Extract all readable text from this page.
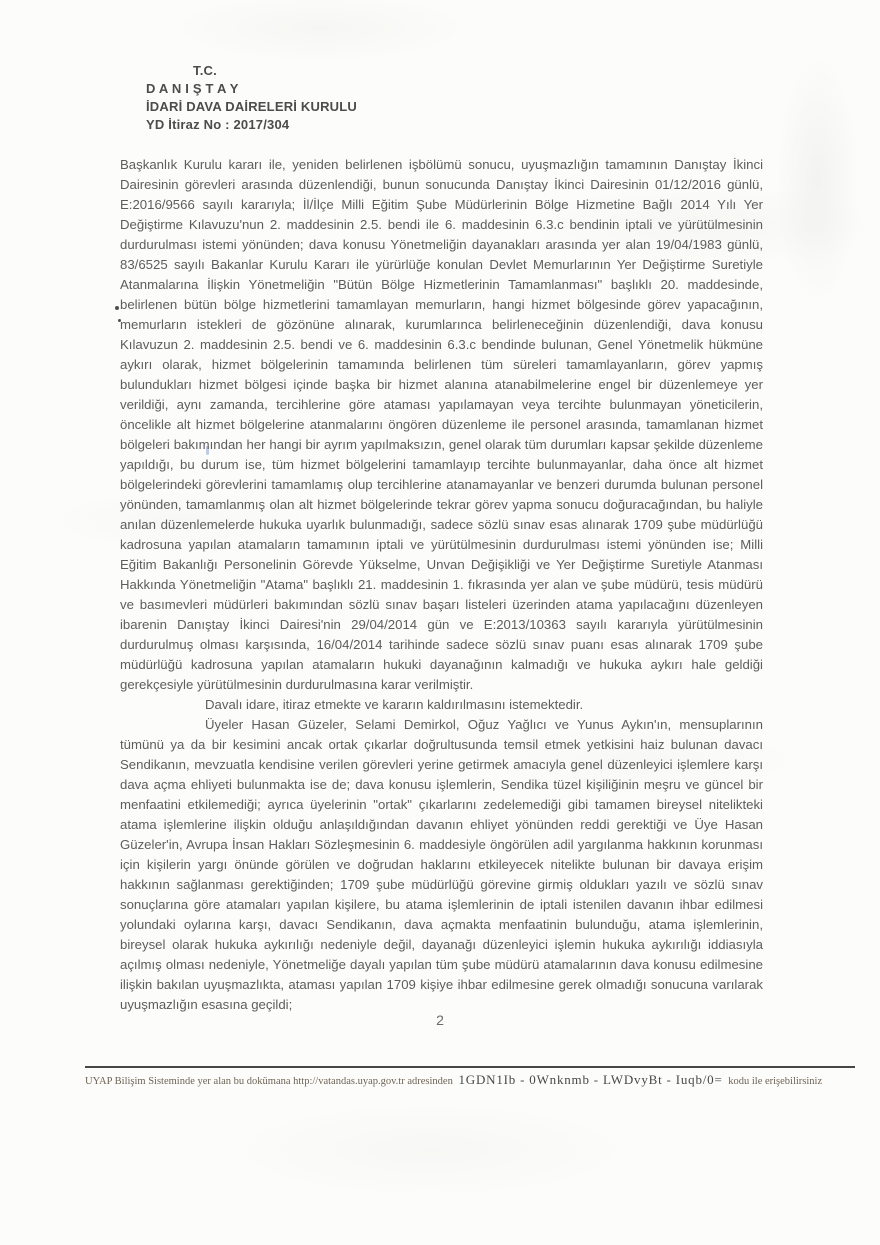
T.C.
D A N I Ş T A Y
İDARİ DAVA DAİRELERİ KURULU
YD İtiraz No : 2017/304

Başkanlık Kurulu kararı ile, yeniden belirlenen işbölümü sonucu, uyuşmazlığın tamamının Danıştay İkinci Dairesinin görevleri arasında düzenlendiği, bunun sonucunda Danıştay İkinci Dairesinin 01/12/2016 günlü, E:2016/9566 sayılı kararıyla; İl/İlçe Milli Eğitim Şube Müdürlerinin Bölge Hizmetine Bağlı 2014 Yılı Yer Değiştirme Kılavuzu'nun 2. maddesinin 2.5. bendi ile 6. maddesinin 6.3.c bendinin iptali ve yürütülmesinin durdurulması istemi yönünden; dava konusu Yönetmeliğin dayanakları arasında yer alan 19/04/1983 günlü, 83/6525 sayılı Bakanlar Kurulu Kararı ile yürürlüğe konulan Devlet Memurlarının Yer Değiştirme Suretiyle Atanmalarına İlişkin Yönetmeliğin "Bütün Bölge Hizmetlerinin Tamamlanması" başlıklı 20. maddesinde, belirlenen bütün bölge hizmetlerini tamamlayan memurların, hangi hizmet bölgesinde görev yapacağının, memurların istekleri de gözönüne alınarak, kurumlarınca belirleneceğinin düzenlendiği, dava konusu Kılavuzun 2. maddesinin 2.5. bendi ve 6. maddesinin 6.3.c bendinde bulunan, Genel Yönetmelik hükmüne aykırı olarak, hizmet bölgelerinin tamamında belirlenen tüm süreleri tamamlayanların, görev yapmış bulundukları hizmet bölgesi içinde başka bir hizmet alanına atanabilmelerine engel bir düzenlemeye yer verildiği, aynı zamanda, tercihlerine göre ataması yapılamayan veya tercihte bulunmayan yöneticilerin, öncelikle alt hizmet bölgelerine atanmalarını öngören düzenleme ile personel arasında, tamamlanan hizmet bölgeleri bakımından her hangi bir ayrım yapılmaksızın, genel olarak tüm durumları kapsar şekilde düzenleme yapıldığı, bu durum ise, tüm hizmet bölgelerini tamamlayıp tercihte bulunmayanlar, daha önce alt hizmet bölgelerindeki görevlerini tamamlamış olup tercihlerine atanamayanlar ve benzeri durumda bulunan personel yönünden, tamamlanmış olan alt hizmet bölgelerinde tekrar görev yapma sonucu doğuracağından, bu haliyle anılan düzenlemelerde hukuka uyarlık bulunmadığı, sadece sözlü sınav esas alınarak 1709 şube müdürlüğü kadrosuna yapılan atamaların tamamının iptali ve yürütülmesinin durdurulması istemi yönünden ise; Milli Eğitim Bakanlığı Personelinin Görevde Yükselme, Unvan Değişikliği ve Yer Değiştirme Suretiyle Atanması Hakkında Yönetmeliğin "Atama" başlıklı 21. maddesinin 1. fıkrasında yer alan ve şube müdürü, tesis müdürü ve basımevleri müdürleri bakımından sözlü sınav başarı listeleri üzerinden atama yapılacağını düzenleyen ibarenin Danıştay İkinci Dairesi'nin 29/04/2014 gün ve E:2013/10363 sayılı kararıyla yürütülmesinin durdurulmuş olması karşısında, 16/04/2014 tarihinde sadece sözlü sınav puanı esas alınarak 1709 şube müdürlüğü kadrosuna yapılan atamaların hukuki dayanağının kalmadığı ve hukuka aykırı hale geldiği gerekçesiyle yürütülmesinin durdurulmasına karar verilmiştir.

Davalı idare, itiraz etmekte ve kararın kaldırılmasını istemektedir.

Üyeler Hasan Güzeler, Selami Demirkol, Oğuz Yağlıcı ve Yunus Aykın'ın, mensuplarının tümünü ya da bir kesimini ancak ortak çıkarlar doğrultusunda temsil etmek yetkisini haiz bulunan davacı Sendikanın, mevzuatla kendisine verilen görevleri yerine getirmek amacıyla genel düzenleyici işlemlere karşı dava açma ehliyeti bulunmakta ise de; dava konusu işlemlerin, Sendika tüzel kişiliğinin meşru ve güncel bir menfaatini etkilemediği; ayrıca üyelerinin "ortak" çıkarlarını zedelemediği gibi tamamen bireysel nitelikteki atama işlemlerine ilişkin olduğu anlaşıldığından davanın ehliyet yönünden reddi gerektiği ve Üye Hasan Güzeler'in, Avrupa İnsan Hakları Sözleşmesinin 6. maddesiyle öngörülen adil yargılanma hakkının korunması için kişilerin yargı önünde görülen ve doğrudan haklarını etkileyecek nitelikte bulunan bir davaya erişim hakkının sağlanması gerektiğinden; 1709 şube müdürlüğü görevine girmiş oldukları yazılı ve sözlü sınav sonuçlarına göre atamaları yapılan kişilere, bu atama işlemlerinin de iptali istenilen davanın ihbar edilmesi yolundaki oylarına karşı, davacı Sendikanın, dava açmakta menfaatinin bulunduğu, atama işlemlerinin, bireysel olarak hukuka aykırılığı nedeniyle değil, dayanağı düzenleyici işlemin hukuka aykırılığı iddiasıyla açılmış olması nedeniyle, Yönetmeliğe dayalı yapılan tüm şube müdürü atamalarının dava konusu edilmesine ilişkin bakılan uyuşmazlıkta, ataması yapılan 1709 kişiye ihbar edilmesine gerek olmadığı sonucuna varılarak uyuşmazlığın esasına geçildi;

2
UYAP Bilişim Sisteminde yer alan bu dokümana http://vatandas.uyap.gov.tr adresinden 1GDN1Ib - 0Wnknmb - LWDvyBt - Iuqb/0= kodu ile erişebilirsiniz
